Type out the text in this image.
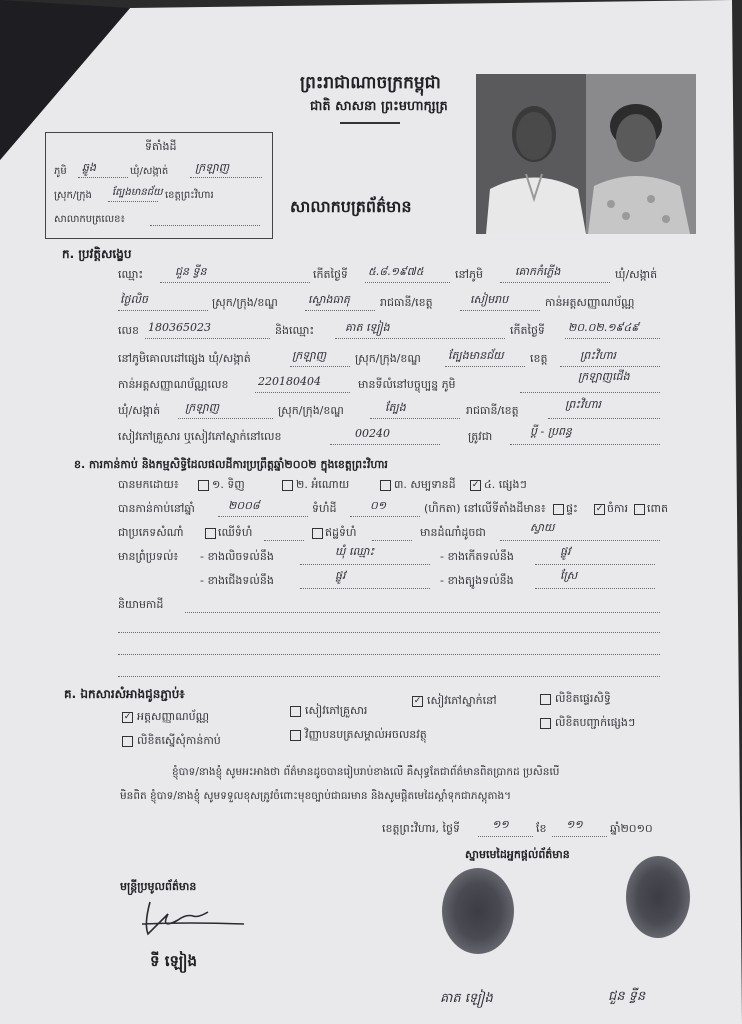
ព្រះរាជាណាចក្រកម្ពុជា
ជាតិ សាសនា ព្រះមហាក្សត្រ
សាលាកបត្រព័ត៌មាន
ទីតាំងដី
ភូមិ ឆ្លូង	ឃុំ/សង្កាត់ ក្រឡាញ
ស្រុក/ក្រុង ត្បែងមានជ័យ ខេត្តព្រះវិហារ
សាលាកបត្រលេខ៖
ក. ប្រវត្តិសង្ខេប
ឈ្មោះ	ជួន ទ្វីន	កើតថ្ងៃទី ៥.៨.១៩៧៥	នៅភូមិ	គោកកំភ្លើង	ឃុំ/សង្កាត់
ថ្ងៃលិច	ស្រុក/ក្រុង/ខណ្ឌ	ស្ទោងធាតុ	រាជធានី/ខេត្ត	សៀមរាប	កាន់អត្តសញ្ញាណប័ណ្ណ
លេខ 180365023	និងឈ្មោះ	គាត ឡៀង	កើតថ្ងៃទី ២០.០២.១៩៤៩
នៅភូមិគោលដៅផ្សេង ឃុំ/សង្កាត់	ក្រឡាញ	ស្រុក/ក្រុង/ខណ្ឌ ត្បែងមានជ័យ ខេត្ត	ព្រះវិហារ
កាន់អត្តសញ្ញាណប័ណ្ណលេខ	220180404	មានទីលំនៅបច្ចុប្បន្ន ភូមិ
ក្រឡាញជើង
ឃុំ/សង្កាត់ ក្រឡាញ	ស្រុក/ក្រុង/ខណ្ឌ	ត្បែង	រាជធានី/ខេត្ត	ព្រះវិហារ
សៀវភៅគ្រួសារ ឬសៀវភៅស្នាក់នៅលេខ	00240	ត្រូវជា	ប្ដី - ប្រពន្ធ
ខ. ការកាន់កាប់ និងកម្មសិទ្ធិដែលផលដីការប្រព្រឹត្តឆ្នាំ២០០២ ក្នុងខេត្តព្រះវិហារ
បានមកដោយ៖	១. ទិញ	២. អំណោយ	៣. សម្បទានដី ✓ ៤. ផ្សេងៗ
បានកាន់កាប់នៅឆ្នាំ	២០០៨	ទំហំដី	០១	(ហិកតា) នៅលើទីតាំងដីមាន៖ ផ្ទះ ✓ ចំការ ពោត
ជាប្រភេទសំណាំ	ឈើទំហំ	ឥដ្ឋទំហំ	មានដំណាំដូចជា	ស្វាយ
មានព្រំប្រទល់៖ - ខាងលិចទល់នឹង	ឃុំ ឈ្មោះ	- ខាងកើតទល់នឹង	ផ្លូវ
- ខាងជើងទល់នឹង	ផ្លូវ	- ខាងត្បូងទល់នឹង	ស្រែ
និយាមកាដី
គ. ឯកសារសំអាងជូនភ្ជាប់៖
✓ អត្តសញ្ញាណប័ណ្ណ	សៀវភៅគ្រួសារ
✓ សៀវភៅស្នាក់នៅ	លិខិតផ្ទេរសិទ្ធិ
លិខិតស្នើសុំកាន់កាប់	វិញ្ញាបនបត្រសម្គាល់អចលនវត្ថុ
លិខិតបញ្ជាក់ផ្សេងៗ
ខ្ញុំបាទ/នាងខ្ញុំ សូមអះអាងថា ព័ត៌មានដូចបានរៀបរាប់ខាងលើ គឺសុទ្ធតែជាព័ត៌មានពិតប្រាកដ ប្រសិនបើ
មិនពិត ខ្ញុំបាទ/នាងខ្ញុំ សូមទទួលខុសត្រូវចំពោះមុខច្បាប់ជាធរមាន និងសូមផ្ដិតមេដៃស្ដាំទុកជាភស្តុតាង។
ខេត្តព្រះវិហារ, ថ្ងៃទី	១១ ខែ ១១ ឆ្នាំ២០១០
ស្នាមមេដៃអ្នកផ្ដល់ព័ត៌មាន
មន្ត្រីប្រមូលព័ត៌មាន
ទី ឡៀង
គាត ឡៀង	ជួន ទ្វីន
